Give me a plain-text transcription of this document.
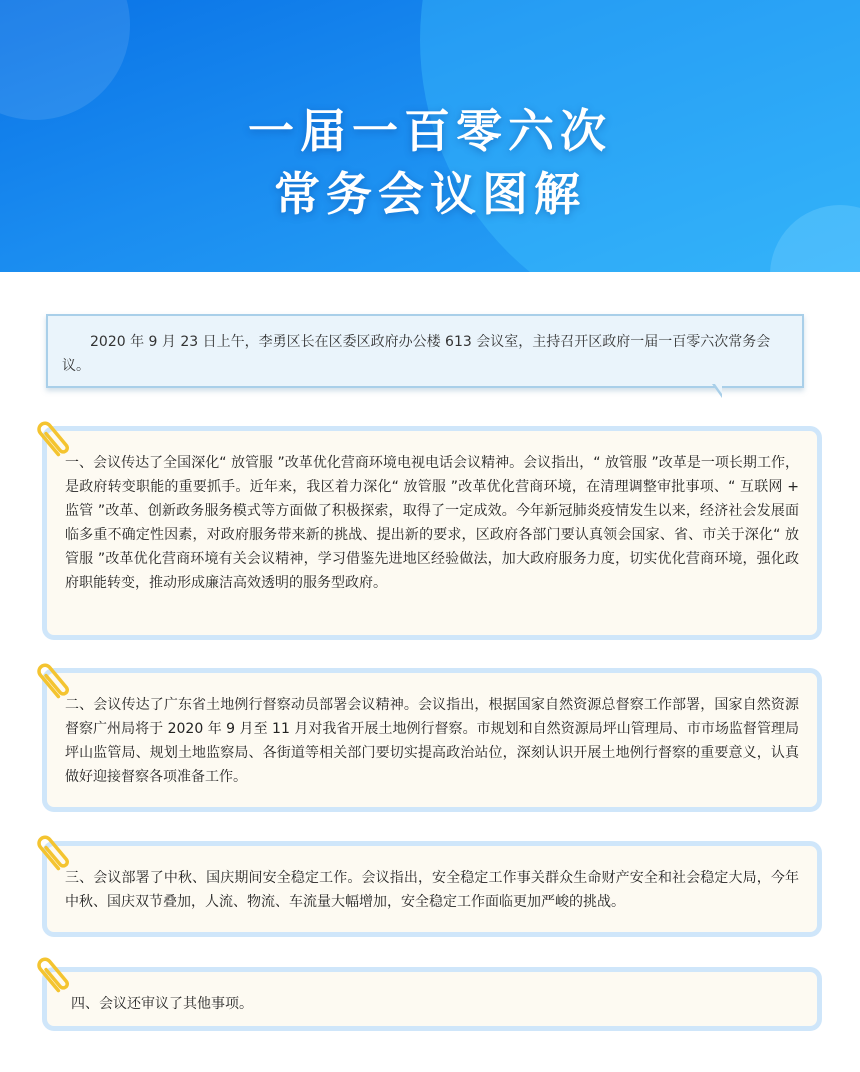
一届一百零六次
常务会议图解
2020 年 9 月 23 日上午，李勇区长在区委区政府办公楼 613 会议室，主持召开区政府一届一百零六次常务会议。

一、会议传达了全国深化“ 放管服 ”改革优化营商环境电视电话会议精神。会议指出，“ 放管服 ”改革是一项长期工作，是政府转变职能的重要抓手。近年来，我区着力深化“ 放管服 ”改革优化营商环境，在清理调整审批事项、“ 互联网 + 监管 ”改革、创新政务服务模式等方面做了积极探索，取得了一定成效。今年新冠肺炎疫情发生以来，经济社会发展面临多重不确定性因素，对政府服务带来新的挑战、提出新的要求，区政府各部门要认真领会国家、省、市关于深化“ 放管服 ”改革优化营商环境有关会议精神，学习借鉴先进地区经验做法，加大政府服务力度，切实优化营商环境，强化政府职能转变，推动形成廉洁高效透明的服务型政府。

二、会议传达了广东省土地例行督察动员部署会议精神。会议指出，根据国家自然资源总督察工作部署，国家自然资源督察广州局将于 2020 年 9 月至 11 月对我省开展土地例行督察。市规划和自然资源局坪山管理局、市市场监督管理局坪山监管局、规划土地监察局、各街道等相关部门要切实提高政治站位，深刻认识开展土地例行督察的重要意义，认真做好迎接督察各项准备工作。

三、会议部署了中秋、国庆期间安全稳定工作。会议指出，安全稳定工作事关群众生命财产安全和社会稳定大局，今年中秋、国庆双节叠加，人流、物流、车流量大幅增加，安全稳定工作面临更加严峻的挑战。

四、会议还审议了其他事项。
